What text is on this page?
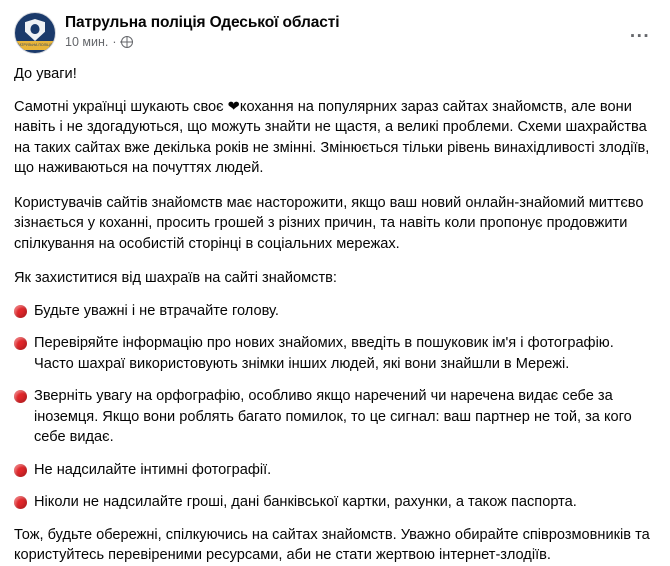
ПАТРУЛЬНА ПОЛІЦІЯ
Патрульна поліція Одеської області
10 мин. ·	...

До уваги!

Самотні українці шукають своє ❤кохання на популярних зараз сайтах знайомств, але вони навіть і не здогадуються, що можуть знайти не щастя, а великі проблеми. Схеми шахрайства на таких сайтах вже декілька років не змінні. Змінюється тільки рівень винахідливості злодіїв, що наживаються на почуттях людей.

Користувачів сайтів знайомств має насторожити, якщо ваш новий онлайн-знайомий миттєво зізнається у коханні, просить грошей з різних причин, та навіть коли пропонує продовжити спілкування на особистій сторінці в соціальних мережах.

Як захиститися від шахраїв на сайті знайомств:

Будьте уважні і не втрачайте голову.
Перевіряйте інформацію про нових знайомих, введіть в пошуковик ім'я і фотографію. Часто шахраї використовують знімки інших людей, які вони знайшли в Мережі.
Зверніть увагу на орфографію, особливо якщо наречений чи наречена видає себе за іноземця. Якщо вони роблять багато помилок, то це сигнал: ваш партнер не той, за кого себе видає.
Не надсилайте інтимні фотографії.
Ніколи не надсилайте гроші, дані банківської картки, рахунки, а також паспорта.

Тож, будьте обережні, спілкуючись на сайтах знайомств. Уважно обирайте співрозмовників та користуйтесь перевіреними ресурсами, аби не стати жертвою інтернет-злодіїв.
